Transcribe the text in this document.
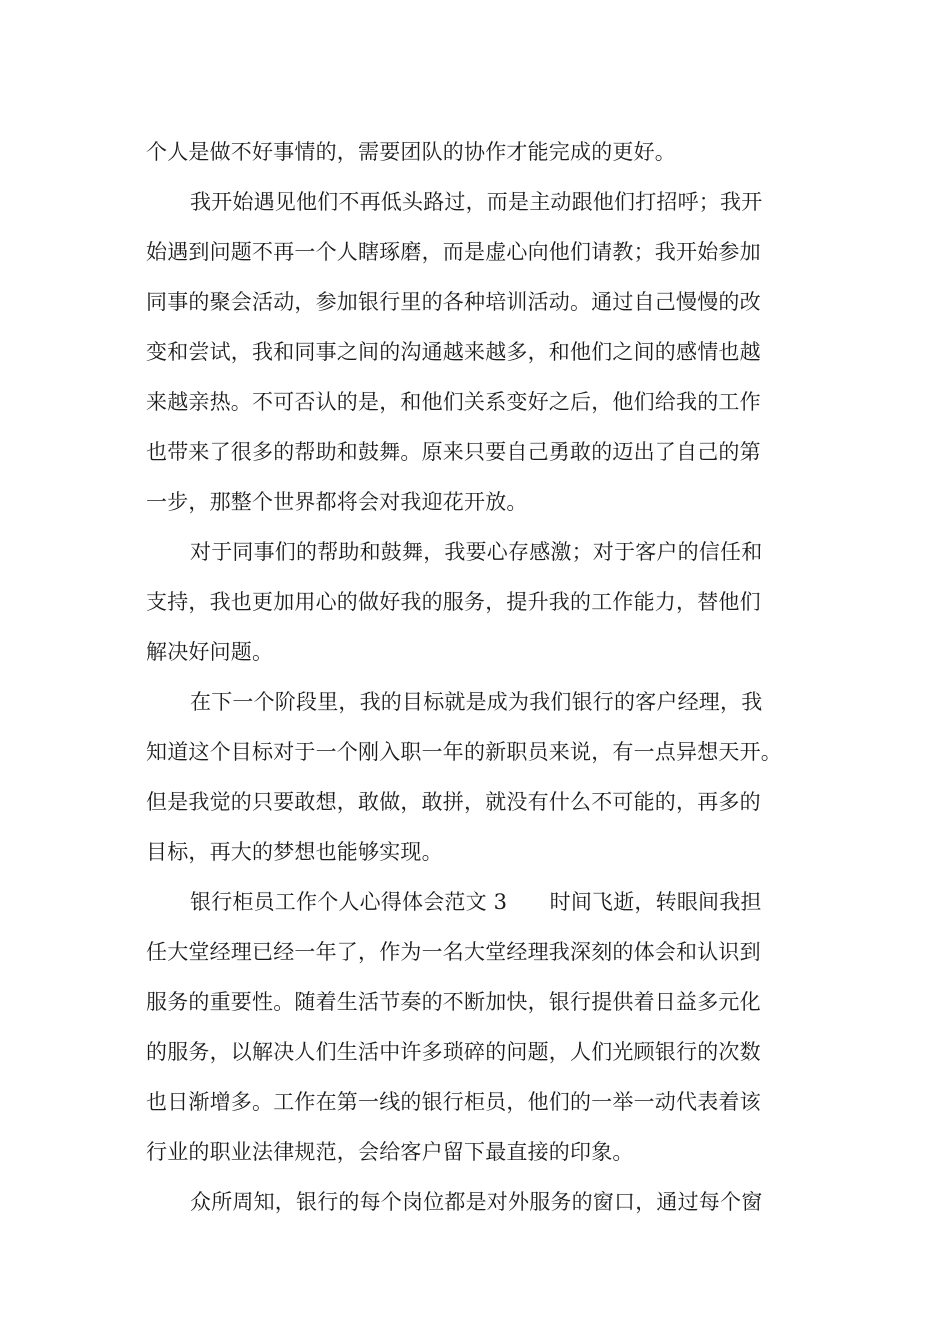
个人是做不好事情的，需要团队的协作才能完成的更好。
我开始遇见他们不再低头路过，而是主动跟他们打招呼；我开
始遇到问题不再一个人瞎琢磨，而是虚心向他们请教；我开始参加
同事的聚会活动，参加银行里的各种培训活动。通过自己慢慢的改
变和尝试，我和同事之间的沟通越来越多，和他们之间的感情也越
来越亲热。不可否认的是，和他们关系变好之后，他们给我的工作
也带来了很多的帮助和鼓舞。原来只要自己勇敢的迈出了自己的第
一步，那整个世界都将会对我迎花开放。
对于同事们的帮助和鼓舞，我要心存感激；对于客户的信任和
支持，我也更加用心的做好我的服务，提升我的工作能力，替他们
解决好问题。
在下一个阶段里，我的目标就是成为我们银行的客户经理，我
知道这个目标对于一个刚入职一年的新职员来说，有一点异想天开。
但是我觉的只要敢想，敢做，敢拼，就没有什么不可能的，再多的
目标，再大的梦想也能够实现。
银行柜员工作个人心得体会范文 3　　时间飞逝，转眼间我担
任大堂经理已经一年了，作为一名大堂经理我深刻的体会和认识到
服务的重要性。随着生活节奏的不断加快，银行提供着日益多元化
的服务，以解决人们生活中许多琐碎的问题，人们光顾银行的次数
也日渐增多。工作在第一线的银行柜员，他们的一举一动代表着该
行业的职业法律规范，会给客户留下最直接的印象。
众所周知，银行的每个岗位都是对外服务的窗口，通过每个窗
